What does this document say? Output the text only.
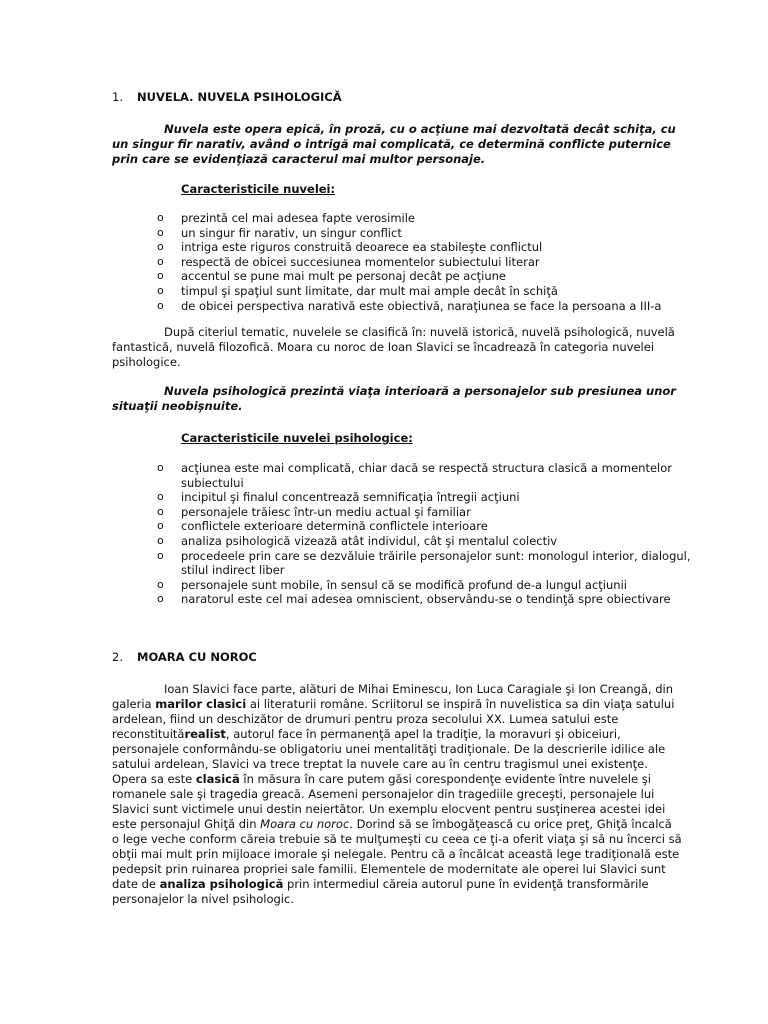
1. NUVELA. NUVELA PSIHOLOGICĂ
Nuvela este opera epică, în proză, cu o acţiune mai dezvoltată decât schiţa, cu un singur fir narativ, având o intrigă mai complicată, ce determină conflicte puternice prin care se evidenţiază caracterul mai multor personaje.
Caracteristicile nuvelei:
o prezintă cel mai adesea fapte verosimile
o un singur fir narativ, un singur conflict
o intriga este riguros construită deoarece ea stabileşte conflictul
o respectă de obicei succesiunea momentelor subiectului literar
o accentul se pune mai mult pe personaj decât pe acţiune
o timpul şi spaţiul sunt limitate, dar mult mai ample decât în schiţă
o de obicei perspectiva narativă este obiectivă, naraţiunea se face la persoana a III-a
După citeriul tematic, nuvelele se clasifică în: nuvelă istorică, nuvelă psihologică, nuvelă fantastică, nuvelă filozofică. Moara cu noroc de Ioan Slavici se încadrează în categoria nuvelei psihologice.
Nuvela psihologică prezintă viaţa interioară a personajelor sub presiunea unor situaţii neobişnuite.
Caracteristicile nuvelei psihologice:
o acţiunea este mai complicată, chiar dacă se respectă structura clasică a momentelor subiectului
o incipitul şi finalul concentrează semnificaţia întregii acţiuni
o personajele trăiesc într-un mediu actual şi familiar
o conflictele exterioare determină conflictele interioare
o analiza psihologică vizează atât individul, cât şi mentalul colectiv
o procedeele prin care se dezvăluie trăirile personajelor sunt: monologul interior, dialogul, stilul indirect liber
o personajele sunt mobile, în sensul că se modifică profund de-a lungul acţiunii
o naratorul este cel mai adesea omniscient, observându-se o tendinţă spre obiectivare
2. MOARA CU NOROC
Ioan Slavici face parte, alături de Mihai Eminescu, Ion Luca Caragiale şi Ion Creangă, din galeria marilor clasici ai literaturii române. Scriitorul se inspiră în nuvelistica sa din viaţa satului ardelean, fiind un deschizător de drumuri pentru proza secolului XX. Lumea satului este reconstituitărealist, autorul face în permanenţă apel la tradiţie, la moravuri şi obiceiuri, personajele conformându-se obligatoriu unei mentalităţi tradiţionale. De la descrierile idilice ale satului ardelean, Slavici va trece treptat la nuvele care au în centru tragismul unei existenţe. Opera sa este clasică în măsura în care putem găsi corespondenţe evidente între nuvelele şi romanele sale şi tragedia greacă. Asemeni personajelor din tragediile greceşti, personajele lui Slavici sunt victimele unui destin neiertător. Un exemplu elocvent pentru susţinerea acestei idei este personajul Ghiţă din Moara cu noroc. Dorind să se îmbogăţească cu orice preţ, Ghiţă încalcă o lege veche conform căreia trebuie să te mulţumeşti cu ceea ce ţi-a oferit viaţa şi să nu încerci să obţii mai mult prin mijloace imorale şi nelegale. Pentru că a încălcat această lege tradiţională este pedepsit prin ruinarea propriei sale familii. Elementele de modernitate ale operei lui Slavici sunt date de analiza psihologică prin intermediul căreia autorul pune în evidenţă transformările personajelor la nivel psihologic.
